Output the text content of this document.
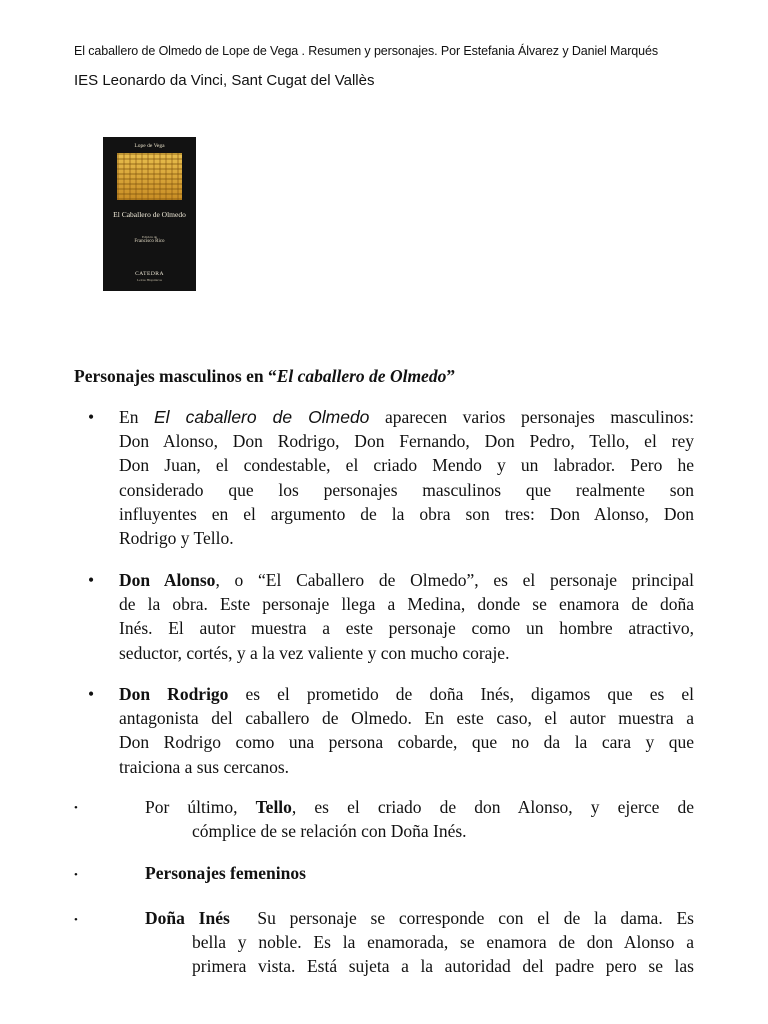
El caballero de Olmedo de Lope de Vega . Resumen y personajes. Por Estefania Álvarez y Daniel Marqués
IES Leonardo da Vinci, Sant Cugat del Vallès
Lope de Vega
El Caballero de Olmedo
Edición de
Francisco Rico
CATEDRA
Letras Hispánicas
Personajes masculinos en “El caballero de Olmedo”
• En El caballero de Olmedo aparecen varios personajes masculinos:
Don Alonso, Don Rodrigo, Don Fernando, Don Pedro, Tello, el rey
Don Juan, el condestable, el criado Mendo y un labrador. Pero he
considerado que los personajes masculinos que realmente son
influyentes en el argumento de la obra son tres: Don Alonso, Don
Rodrigo y Tello.
• Don Alonso, o “El Caballero de Olmedo”, es el personaje principal
de la obra. Este personaje llega a Medina, donde se enamora de doña
Inés. El autor muestra a este personaje como un hombre atractivo,
seductor, cortés, y a la vez valiente y con mucho coraje.
• Don Rodrigo es el prometido de doña Inés, digamos que es el
antagonista del caballero de Olmedo. En este caso, el autor muestra a
Don Rodrigo como una persona cobarde, que no da la cara y que
traiciona a sus cercanos.
•	Por último, Tello, es el criado de don Alonso, y ejerce de
cómplice de se relación con Doña Inés.
•	Personajes femeninos
•	Doña Inés  Su personaje se corresponde con el de la dama. Es
bella y noble. Es la enamorada, se enamora de don Alonso a
primera vista. Está sujeta a la autoridad del padre pero se las
